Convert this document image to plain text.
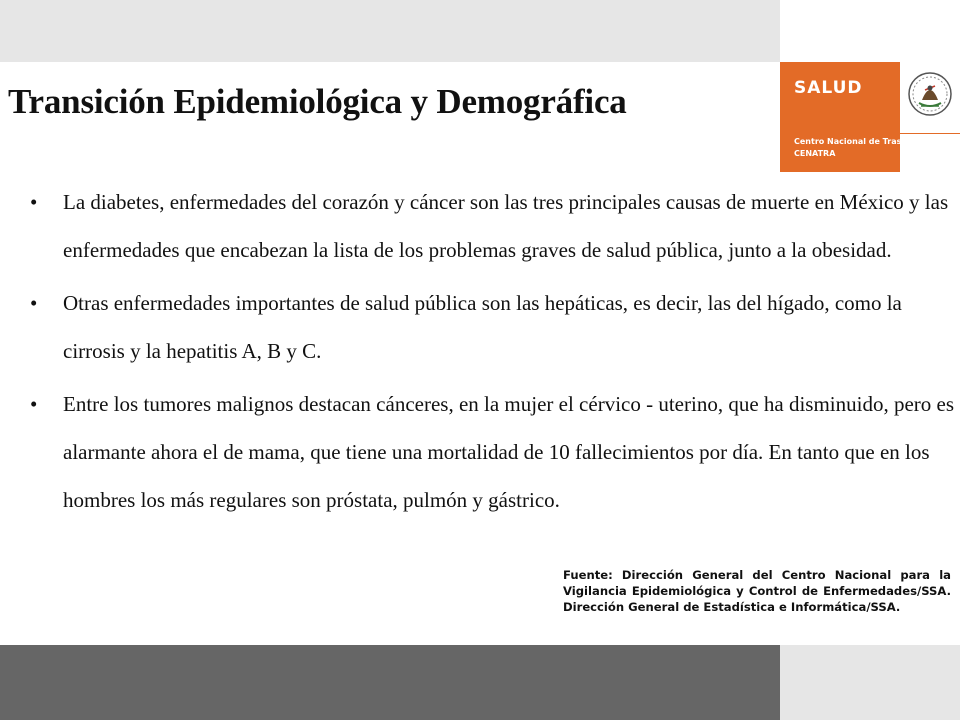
Transición Epidemiológica y Demográfica	SALUD
Centro Nacional de Trasplantes
CENATRA
• La diabetes, enfermedades del corazón y cáncer son las tres principales causas de muerte en México y las enfermedades que encabezan la lista de los problemas graves de salud pública, junto a la obesidad.
• Otras enfermedades importantes de salud pública son las hepáticas, es decir, las del hígado, como la cirrosis y la hepatitis A, B y C.
• Entre los tumores malignos destacan cánceres, en la mujer el cérvico - uterino, que ha disminuido, pero es alarmante ahora el de mama, que tiene una mortalidad de 10 fallecimientos por día. En tanto que en los hombres los más regulares son próstata, pulmón y gástrico.
Fuente: Dirección General del Centro Nacional para la Vigilancia Epidemiológica y Control de Enfermedades/SSA. Dirección General de Estadística e Informática/SSA.
